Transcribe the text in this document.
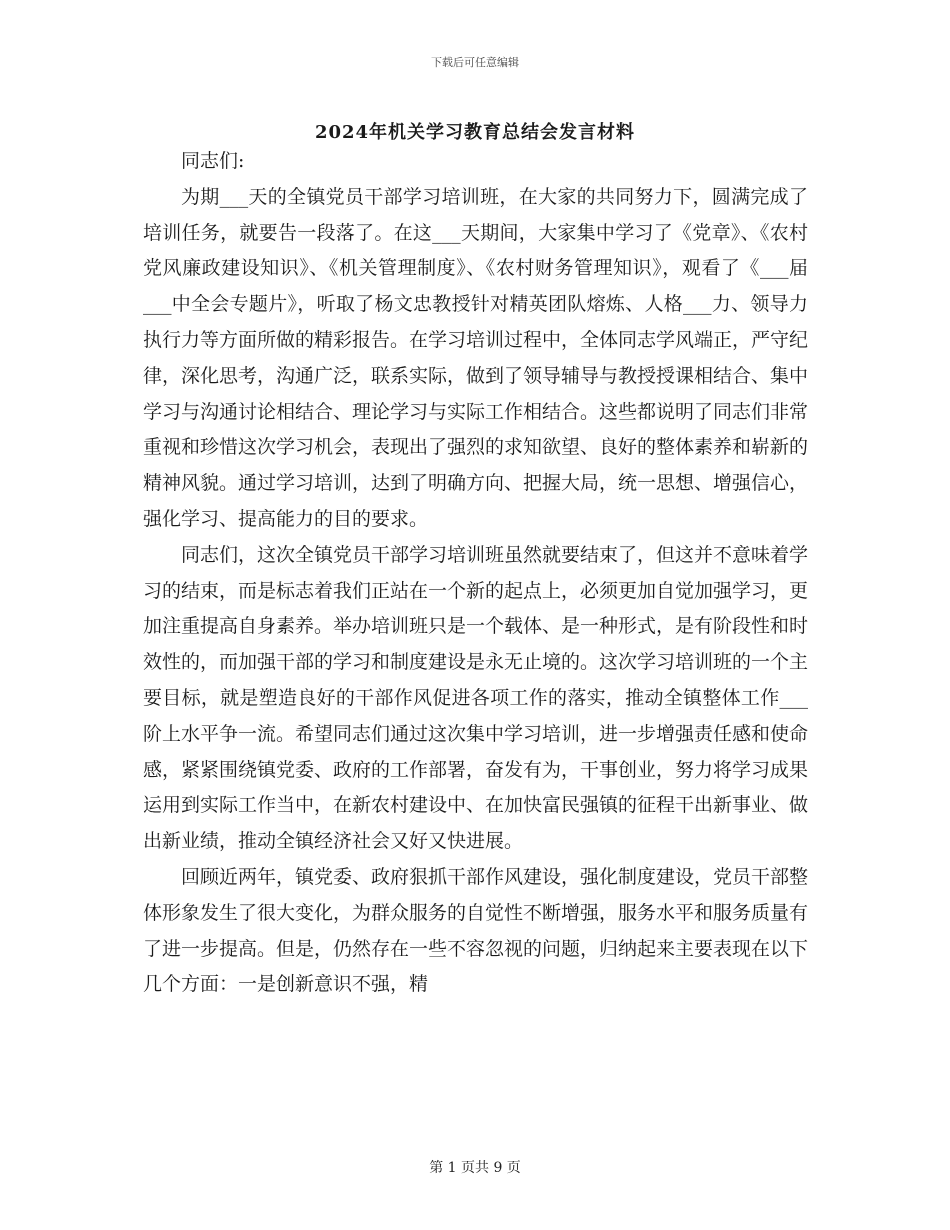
下载后可任意编辑
2024年机关学习教育总结会发言材料

同志们:

为期___天的全镇党员干部学习培训班，在大家的共同努力下，圆满完成了培训任务，就要告一段落了。在这___天期间，大家集中学习了《党章》、《农村党风廉政建设知识》、《机关管理制度》、《农村财务管理知识》，观看了《___届___中全会专题片》，听取了杨文忠教授针对精英团队熔炼、人格___力、领导力执行力等方面所做的精彩报告。在学习培训过程中，全体同志学风端正，严守纪律，深化思考，沟通广泛，联系实际，做到了领导辅导与教授授课相结合、集中学习与沟通讨论相结合、理论学习与实际工作相结合。这些都说明了同志们非常重视和珍惜这次学习机会，表现出了强烈的求知欲望、良好的整体素养和崭新的精神风貌。通过学习培训，达到了明确方向、把握大局，统一思想、增强信心，强化学习、提高能力的目的要求。

同志们，这次全镇党员干部学习培训班虽然就要结束了，但这并不意味着学习的结束，而是标志着我们正站在一个新的起点上，必须更加自觉加强学习，更加注重提高自身素养。举办培训班只是一个载体、是一种形式，是有阶段性和时效性的，而加强干部的学习和制度建设是永无止境的。这次学习培训班的一个主要目标，就是塑造良好的干部作风促进各项工作的落实，推动全镇整体工作___阶上水平争一流。希望同志们通过这次集中学习培训，进一步增强责任感和使命感，紧紧围绕镇党委、政府的工作部署，奋发有为，干事创业，努力将学习成果运用到实际工作当中，在新农村建设中、在加快富民强镇的征程干出新事业、做出新业绩，推动全镇经济社会又好又快进展。

回顾近两年，镇党委、政府狠抓干部作风建设，强化制度建设，党员干部整体形象发生了很大变化，为群众服务的自觉性不断增强，服务水平和服务质量有了进一步提高。但是，仍然存在一些不容忽视的问题，归纳起来主要表现在以下几个方面：一是创新意识不强，精

第 1 页共 9 页
